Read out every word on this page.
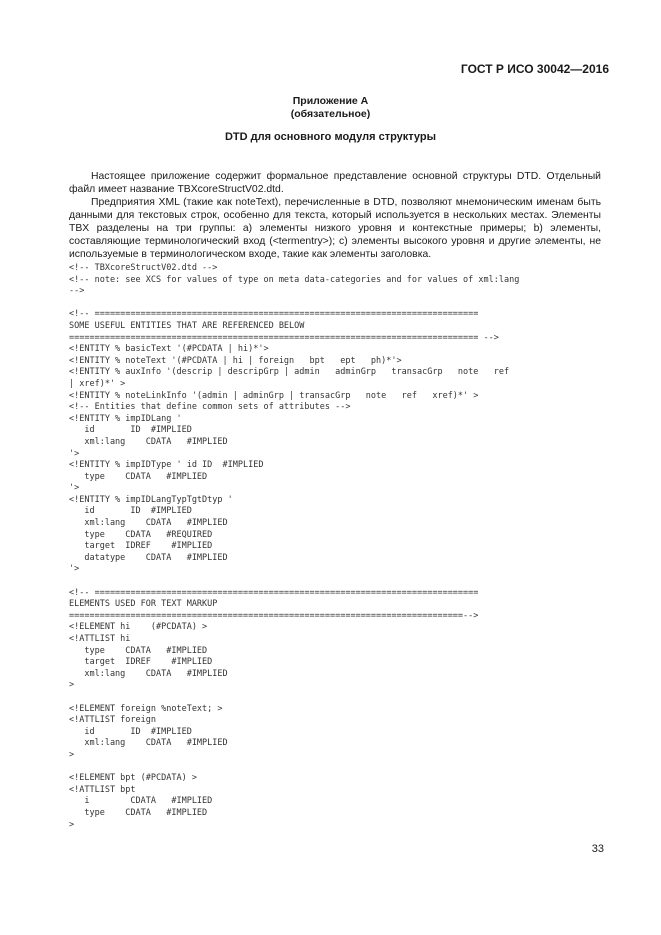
ГОСТ Р ИСО 30042—2016
Приложение А
(обязательное)
DTD для основного модуля структуры
Настоящее приложение содержит формальное представление основной структуры DTD. Отдельный файл имеет название TBXcoreStructV02.dtd.
Предприятия XML (такие как noteText), перечисленные в DTD, позволяют мнемоническим именам быть данными для текстовых строк, особенно для текста, который используется в нескольких местах. Элементы TBX разделены на три группы: a) элементы низкого уровня и контекстные примеры; b) элементы, составляющие терминологический вход (<termentry>); c) элементы высокого уровня и другие элементы, не используемые в терминологическом входе, такие как элементы заголовка.
<!-- TBXcoreStructV02.dtd -->
<!-- note: see XCS for values of type on meta data-categories and for values of xml:lang
-->
<!-- ===========================================================================
SOME USEFUL ENTITIES THAT ARE REFERENCED BELOW
================================================================================ -->
<!ENTITY % basicText '(#PCDATA | hi)*'>
<!ENTITY % noteText '(#PCDATA | hi | foreign   bpt   ept   ph)*'>
<!ENTITY % auxInfo '(descrip | descripGrp | admin   adminGrp   transacGrp   note   ref
| xref)*' >
<!ENTITY % noteLinkInfo '(admin | adminGrp | transacGrp   note   ref   xref)*' >
<!-- Entities that define common sets of attributes -->
<!ENTITY % impIDLang '
id       ID  #IMPLIED
xml:lang    CDATA   #IMPLIED
'>
<!ENTITY % impIDType ' id ID  #IMPLIED
type    CDATA   #IMPLIED
'>
<!ENTITY % impIDLangTypTgtDtyp '
id       ID  #IMPLIED
xml:lang    CDATA   #IMPLIED
type    CDATA   #REQUIRED
target  IDREF    #IMPLIED
datatype    CDATA   #IMPLIED
'>
<!-- ===========================================================================
ELEMENTS USED FOR TEXT MARKUP
=============================================================================-->
<!ELEMENT hi    (#PCDATA) >
<!ATTLIST hi
type    CDATA   #IMPLIED
target  IDREF    #IMPLIED
xml:lang    CDATA   #IMPLIED
>
<!ELEMENT foreign %noteText; >
<!ATTLIST foreign
id       ID  #IMPLIED
xml:lang    CDATA   #IMPLIED
>
<!ELEMENT bpt (#PCDATA) >
<!ATTLIST bpt
i        CDATA   #IMPLIED
type    CDATA   #IMPLIED
>
33
